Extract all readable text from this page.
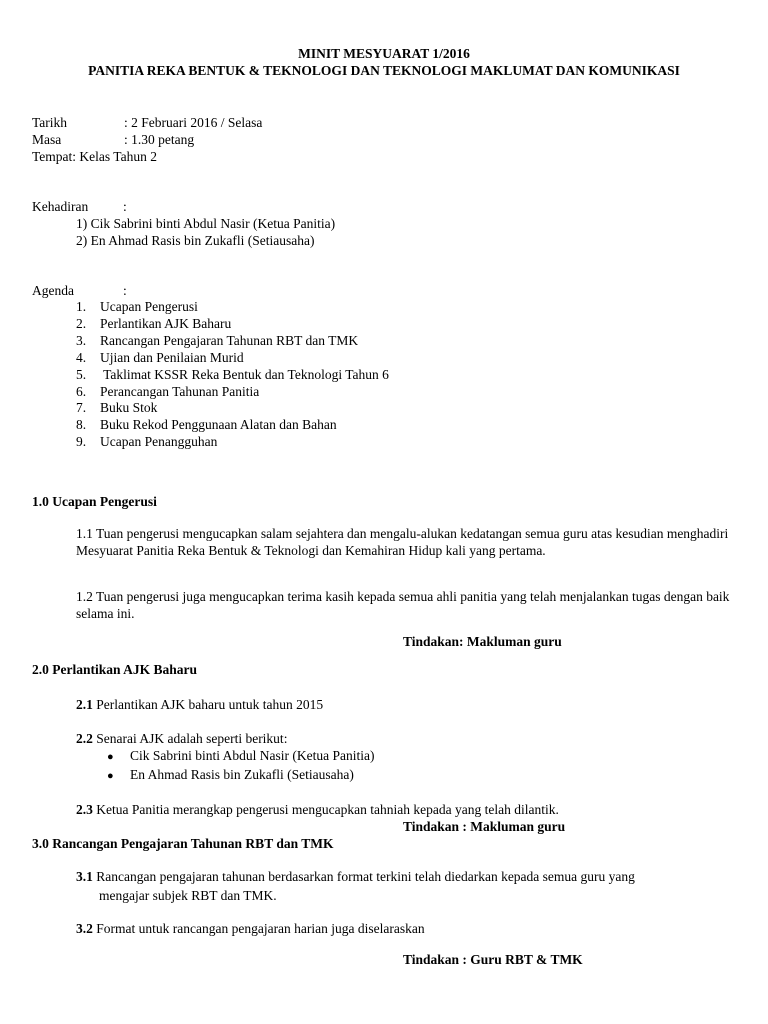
MINIT MESYUARAT 1/2016
PANITIA REKA BENTUK & TEKNOLOGI DAN TEKNOLOGI MAKLUMAT DAN KOMUNIKASI
Tarikh	: 2 Februari 2016 / Selasa
Masa	: 1.30 petang
Tempat: Kelas Tahun 2
Kehadiran	:
1) Cik Sabrini binti Abdul Nasir (Ketua Panitia)
2) En Ahmad Rasis bin Zukafli (Setiausaha)
Agenda	:
1. Ucapan Pengerusi
2. Perlantikan AJK Baharu
3. Rancangan Pengajaran Tahunan RBT dan TMK
4. Ujian dan Penilaian Murid
5. Taklimat KSSR Reka Bentuk dan Teknologi Tahun 6
6. Perancangan Tahunan Panitia
7. Buku Stok
8. Buku Rekod Penggunaan Alatan dan Bahan
9. Ucapan Penangguhan
1.0 Ucapan Pengerusi
1.1 Tuan pengerusi mengucapkan salam sejahtera dan mengalu-alukan kedatangan semua guru atas kesudian menghadiri Mesyuarat Panitia Reka Bentuk & Teknologi dan Kemahiran Hidup kali yang pertama.
1.2 Tuan pengerusi juga mengucapkan terima kasih kepada semua ahli panitia yang telah menjalankan tugas dengan baik selama ini.
Tindakan: Makluman guru
2.0 Perlantikan AJK Baharu
2.1 Perlantikan AJK baharu untuk tahun 2015
2.2 Senarai AJK adalah seperti berikut:
● Cik Sabrini binti Abdul Nasir (Ketua Panitia)
● En Ahmad Rasis bin Zukafli (Setiausaha)
2.3 Ketua Panitia merangkap pengerusi mengucapkan tahniah kepada yang telah dilantik.
Tindakan : Makluman guru
3.0 Rancangan Pengajaran Tahunan RBT dan TMK
3.1 Rancangan pengajaran tahunan berdasarkan format terkini telah diedarkan kepada semua guru yang
mengajar subjek RBT dan TMK.
3.2 Format untuk rancangan pengajaran harian juga diselaraskan
Tindakan : Guru RBT & TMK
